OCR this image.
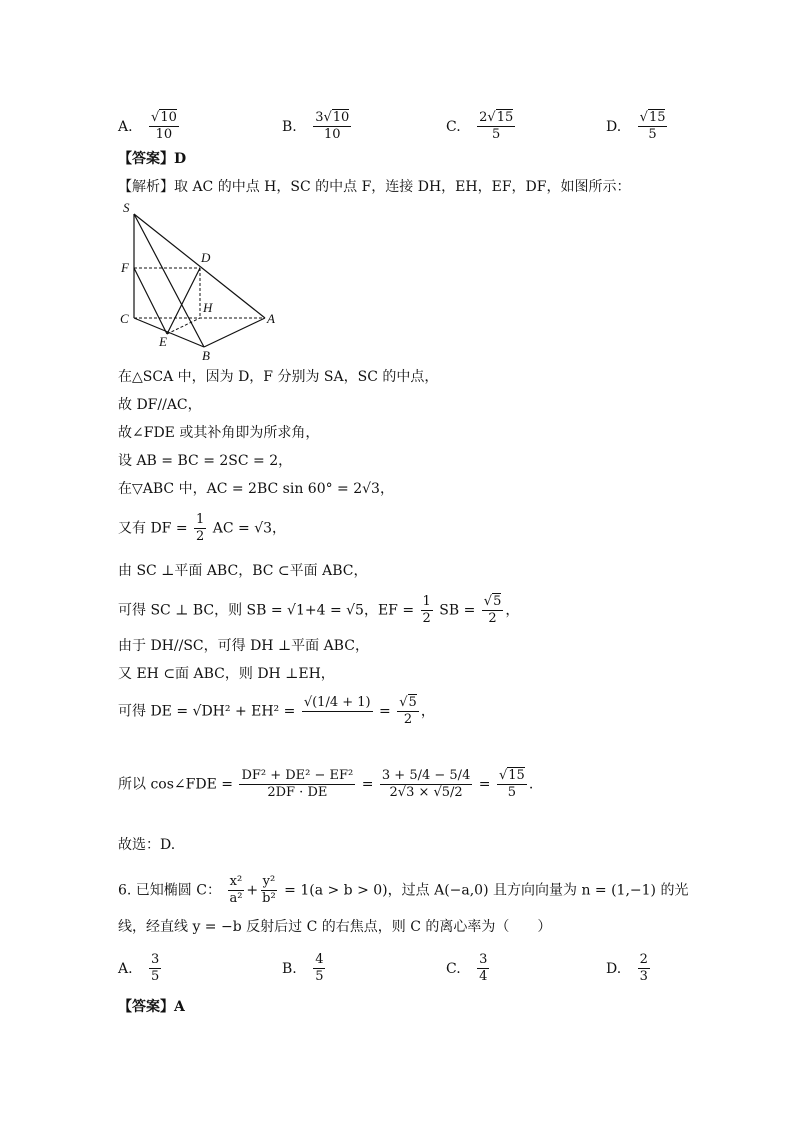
A. $\frac{√10}{10}$	B. $\frac{3√10}{10}$	C. $\frac{2√15}{5}$	D. $\frac{√15}{5}$
【答案】D
【解析】取 AC 的中点 H，SC 的中点 F，连接 DH，EH，EF，DF，如图所示：
S
F
D
H
C	A
E
B
在△SCA 中，因为 D，F 分别为 SA，SC 的中点，
故 DF//AC，
故∠FDE 或其补角即为所求角，
设 AB = BC = 2SC = 2，
在▽ABC 中，AC = 2BC sin 60° = 2√3，
又有 DF = $\frac{1}{2}$ AC = √3，
由 SC ⊥平面 ABC，BC ⊂平面 ABC，
可得 SC ⊥ BC，则 SB = √1+4 = √5，EF = $\frac{1}{2}$ SB = $\frac{√5}{2}$ ，
由于 DH//SC，可得 DH ⊥平面 ABC，
又 EH ⊂面 ABC，则 DH ⊥EH，
可得 DE = √DH² + EH² =
√(1/4 + 1)

= $\frac{√5}{2}$ ，
所以 cos∠FDE = $\frac{\text{DF² + DE² − EF²}}{2DF \cdot DE} = \frac{3 + 5/4 - 5/4}{2√3 \times √5/2} = \frac{√15}{5}$ .
故选：D.
6. 已知椭圆 C： $\frac{\text{x²}}{\text{a²}} + \frac{\text{y²}}{\text{b²}} = 1(a > b > 0)$，过点 A(−a,0) 且方向向量为 n = (1,−1) 的光
线，经直线 y = −b 反射后过 C 的右焦点，则 C 的离心率为（　　）
A. $\frac{3}{5}$	B. $\frac{4}{5}$	C. $\frac{3}{4}$	D. $\frac{2}{3}$
【答案】A
